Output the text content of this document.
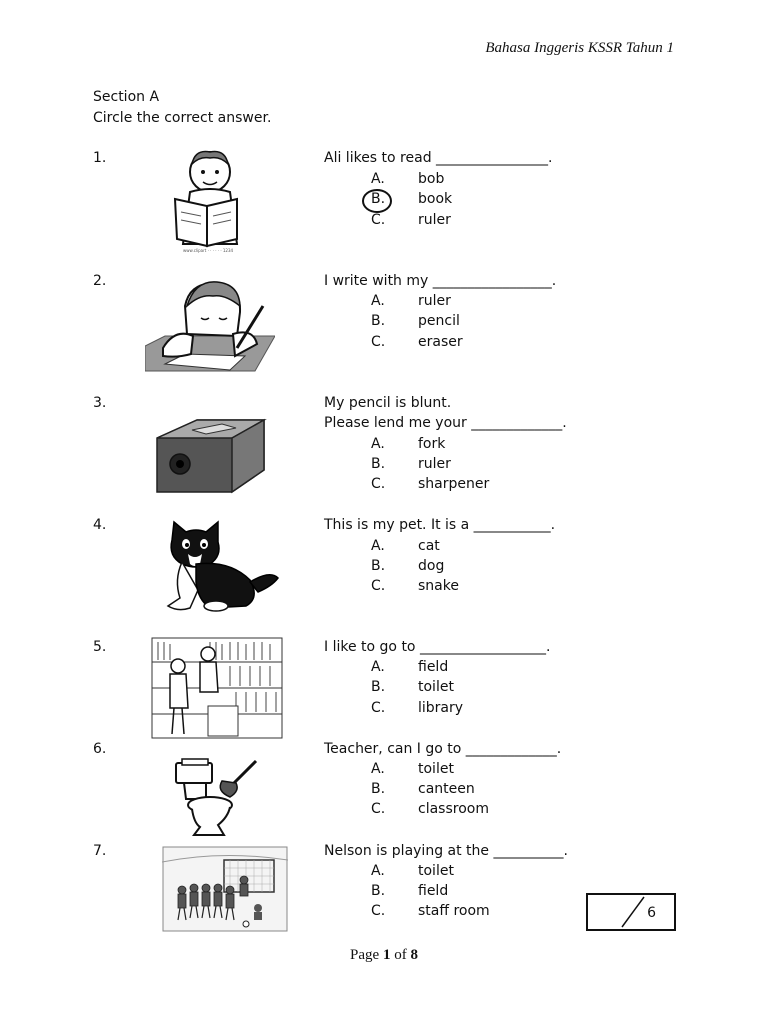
Bahasa Inggeris KSSR Tahun 1
Section A
Circle the correct answer.
1.
www.clipart · · · · · · 1234
Ali likes to read ________________.
A. bob
B. book
C. ruler
2.	I write with my _________________.
A. ruler
B. pencil
C. eraser
3.	My pencil is blunt.
Please lend me your _____________.
A. fork
B. ruler
C. sharpener
4.	This is my pet. It is a ___________.
A. cat
B. dog
C. snake
5.	I like to go to __________________.
A. field
B. toilet
C. library
6.	Teacher, can I go to _____________.
A. toilet
B. canteen
C. classroom
7.	Nelson is playing at the __________.
A. toilet
B. field
C. staff room	6
Page 1 of 8
